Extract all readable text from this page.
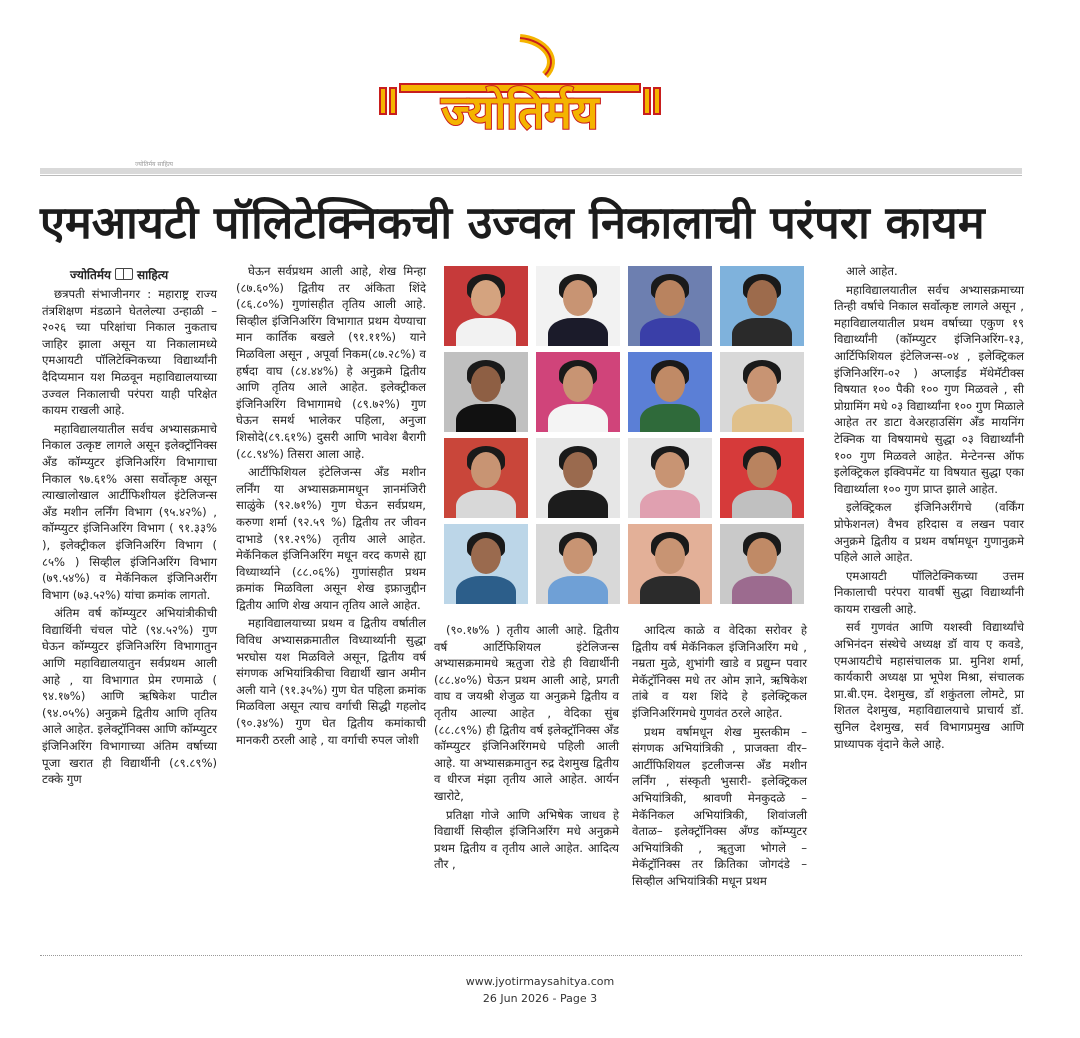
ज्योतिर्मय
ज्योतिर्मय साहित्य
एमआयटी पॉलिटेक्निकची उज्वल निकालाची परंपरा कायम
ज्योतिर्मय साहित्य

छत्रपती संभाजीनगर : महाराष्ट्र राज्य तंत्रशिक्षण मंडळाने घेतलेल्या उन्हाळी – २०२६ च्या परिक्षांचा निकाल नुकताच जाहिर झाला असून या निकालामध्ये एमआयटी पॉलिटेक्निकच्या विद्यार्थ्यांनी दैदिप्यमान यश मिळवून महाविद्यालयाच्या उज्वल निकालाची परंपरा याही परिक्षेत कायम राखली आहे.

महाविद्यालयातील सर्वच अभ्यासक्रमाचे निकाल उत्कृष्ट लागले असून इलेक्ट्रॉनिक्स अँड कॉम्प्युटर इंजिनिअरिंग विभागाचा निकाल ९७.६१% असा सर्वोत्कृष्ट असून त्याखालोखाल आर्टीफिशीयल इंटेलिजन्स अँड मशीन लर्निंग विभाग (९५.४२%) , कॉम्प्युटर इंजिनिअरिंग विभाग ( ९१.३३% ), इलेक्ट्रीकल इंजिनिअरिंग विभाग ( ८५% ) सिव्हील इंजिनिअरिंग विभाग (७९.५४%) व मेकॅनिकल इंजिनिअरींग विभाग (७३.५२%) यांचा क्रमांक लागतो.

अंतिम वर्ष कॉम्प्युटर अभियांत्रीकीची विद्यार्थिनी चंचल पोटे (९४.५२%) गुण घेऊन कॉम्प्युटर इंजिनिअरिंग विभागातुन आणि महाविद्यालयातुन सर्वप्रथम आली आहे , या विभागात प्रेम रणमाळे ( ९४.१७%) आणि ऋषिकेश पाटील (९४.०५%) अनुक्रमे द्वितीय आणि तृतिय आले आहेत. इलेक्ट्रॉनिक्स आणि कॉम्प्युटर इंजिनिअरिंग विभागाच्या अंतिम वर्षाच्या पूजा खरात ही विद्यार्थीनी (८९.८९%) टक्के गुण

घेऊन सर्वप्रथम आली आहे, शेख मिन्हा (८७.६०%) द्वितीय तर अंकिता शिंदे (८६.८०%) गुणांसहीत तृतिय आली आहे. सिव्हील इंजिनिअरिंग विभागात प्रथम येण्याचा मान कार्तिक बखले (९१.११%) याने मिळविला असून , अपूर्वा निकम(८७.२८%) व हर्षदा वाघ (८४.४४%) हे अनुक्रमे द्वितीय आणि तृतिय आले आहेत. इलेक्ट्रीकल इंजिनिअरिंग विभागामधे (८९.७२%) गुण घेऊन समर्थ भालेकर पहिला, अनुजा शिसोदे(८९.६१%) दुसरी आणि भावेश बैरागी (८८.९४%) तिसरा आला आहे.

आर्टीफिशियल इंटेलिजन्स अँड मशीन लर्निंग या अभ्यासक्रमामधून ज्ञानमंजिरी साळुंके (९२.७१%) गुण घेऊन सर्वप्रथम, करुणा शर्मा (९२.५९ %) द्वितीय तर जीवन दाभाडे (९१.२९%) तृतीय आले आहेत. मेकॅनिकल इंजिनिअरिंग मधून वरद कणसे ह्या विध्यार्थ्याने (८८.०६%) गुणांसहीत प्रथम क्रमांक मिळविला असून शेख इफ्राजुद्दीन द्वितीय आणि शेख अयान तृतिय आले आहेत.

महाविद्यालयाच्या प्रथम व द्वितीय वर्षातील विविध अभ्यासक्रमातील विध्यार्थ्यानी सुद्धा भरघोस यश मिळविले असून, द्वितीय वर्ष संगणक अभियांत्रिकीचा विद्यार्थी खान अमीन अली याने (९१.३५%) गुण घेत पहिला क्रमांक मिळविला असून त्याच वर्गाची सिद्धी गहलोद (९०.३४%) गुण घेत द्वितीय कमांकाची मानकरी ठरली आहे , या वर्गाची रुपल जोशी

(९०.१७% ) तृतीय आली आहे. द्वितीय वर्ष आर्टिफिशियल इंटेलिजन्स अभ्यासक्रमामधे ऋतुजा रोडे ही विद्यार्थीनी (८८.४०%) घेऊन प्रथम आली आहे, प्रगती वाघ व जयश्री शेजुळ या अनुक्रमे द्वितीय व तृतीय आल्या आहेत , वेदिका सुंब (८८.८९%) ही द्वितीय वर्ष इलेक्ट्रॉनिक्स अँड कॉम्प्युटर इंजिनिअरिंगमधे पहिली आली आहे. या अभ्यासक्रमातुन रुद्र देशमुख द्वितीय व धीरज मंझा तृतीय आले आहेत. आर्यन खारोटे,

प्रतिक्षा गोजे आणि अभिषेक जाधव हे विद्यार्थी सिव्हील इंजिनिअरिंग मधे अनुक्रमे प्रथम द्वितीय व तृतीय आले आहेत. आदित्य तौर ,

आदित्य काळे व वेदिका सरोवर हे द्वितीय वर्ष मेकॅनिकल इंजिनिअरिंग मधे , नम्रता मुळे, शुभांगी खाडे व प्रद्युम्न पवार मेकॅट्रॉनिक्स मधे तर ओम ज्ञाने, ऋषिकेश तांबे व यश शिंदे हे इलेक्ट्रिकल इंजिनिअरिंगमधे गुणवंत ठरले आहेत.

प्रथम वर्षामधून शेख मुस्तकीम – संगणक अभियांत्रिकी , प्राजक्ता वीर– आर्टीफिशियल इटलीजन्स अँड मशीन लर्निंग , संस्कृती भुसारी- इलेक्ट्रिकल अभियांत्रिकी, श्रावणी मेनकुदळे – मेकॅनिकल अभियांत्रिकी, शिवांजली वेताळ– इलेक्ट्रॉनिक्स अँण्ड कॉम्प्युटर अभियांत्रिकी , ॠतुजा भोगले – मेकॅट्रॉनिक्स तर क्रितिका जोगदंडे – सिव्हील अभियांत्रिकी मधून प्रथम

आले आहेत.

महाविद्यालयातील सर्वच अभ्यासक्रमाच्या तिन्ही वर्षाचे निकाल सर्वोत्कृष्ट लागले असून , महाविद्यालयातील प्रथम वर्षाच्या एकुण १९ विद्यार्थ्यांनी (कॉम्प्युटर इंजिनिअरिंग-१३, आर्टिफिशियल इंटेलिजन्स-०४ , इलेक्ट्रिकल इंजिनिअरिंग-०२ ) अप्लाईड मॅथेमॅटीक्स विषयात १०० पैकी १०० गुण मिळवले , सी प्रोग्रामिंग मधे ०३ विद्यार्थ्यांना १०० गुण मिळाले आहेत तर डाटा वेअरहाउसिंग अँड मायनिंग टेक्निक या विषयामधे सुद्धा ०३ विद्यार्थ्यांनी १०० गुण मिळवले आहेत. मेन्टेनन्स ऑफ इलेक्ट्रिकल इक्विपमेंट या विषयात सुद्धा एका विद्यार्थ्याला १०० गुण प्राप्त झाले आहेत.

इलेक्ट्रिकल इंजिनिअरींगचे (वर्किंग प्रोफेशनल) वैभव हरिदास व लखन पवार अनुक्रमे द्वितीय व प्रथम वर्षामधून गुणानुक्रमे पहिले आले आहेत.

एमआयटी पॉलिटेक्निकच्या उत्तम निकालाची परंपरा यावर्षी सुद्धा विद्यार्थ्यांनी कायम राखली आहे.

सर्व गुणवंत आणि यशस्वी विद्यार्थ्यांचे अभिनंदन संस्थेचे अध्यक्ष डॉ वाय ए कवडे, एमआयटीचे महासंचालक प्रा. मुनिश शर्मा, कार्यकारी अध्यक्ष प्रा भूपेश मिश्रा, संचालक प्रा.बी.एम. देशमुख, डॉ शकुंतला लोमटे, प्रा शितल देशमुख, महाविद्यालयाचे प्राचार्य डॉ. सुनिल देशमुख, सर्व विभागप्रमुख आणि प्राध्यापक वृंदाने केले आहे.

www.jyotirmaysahitya.com
26 Jun 2026 - Page 3
